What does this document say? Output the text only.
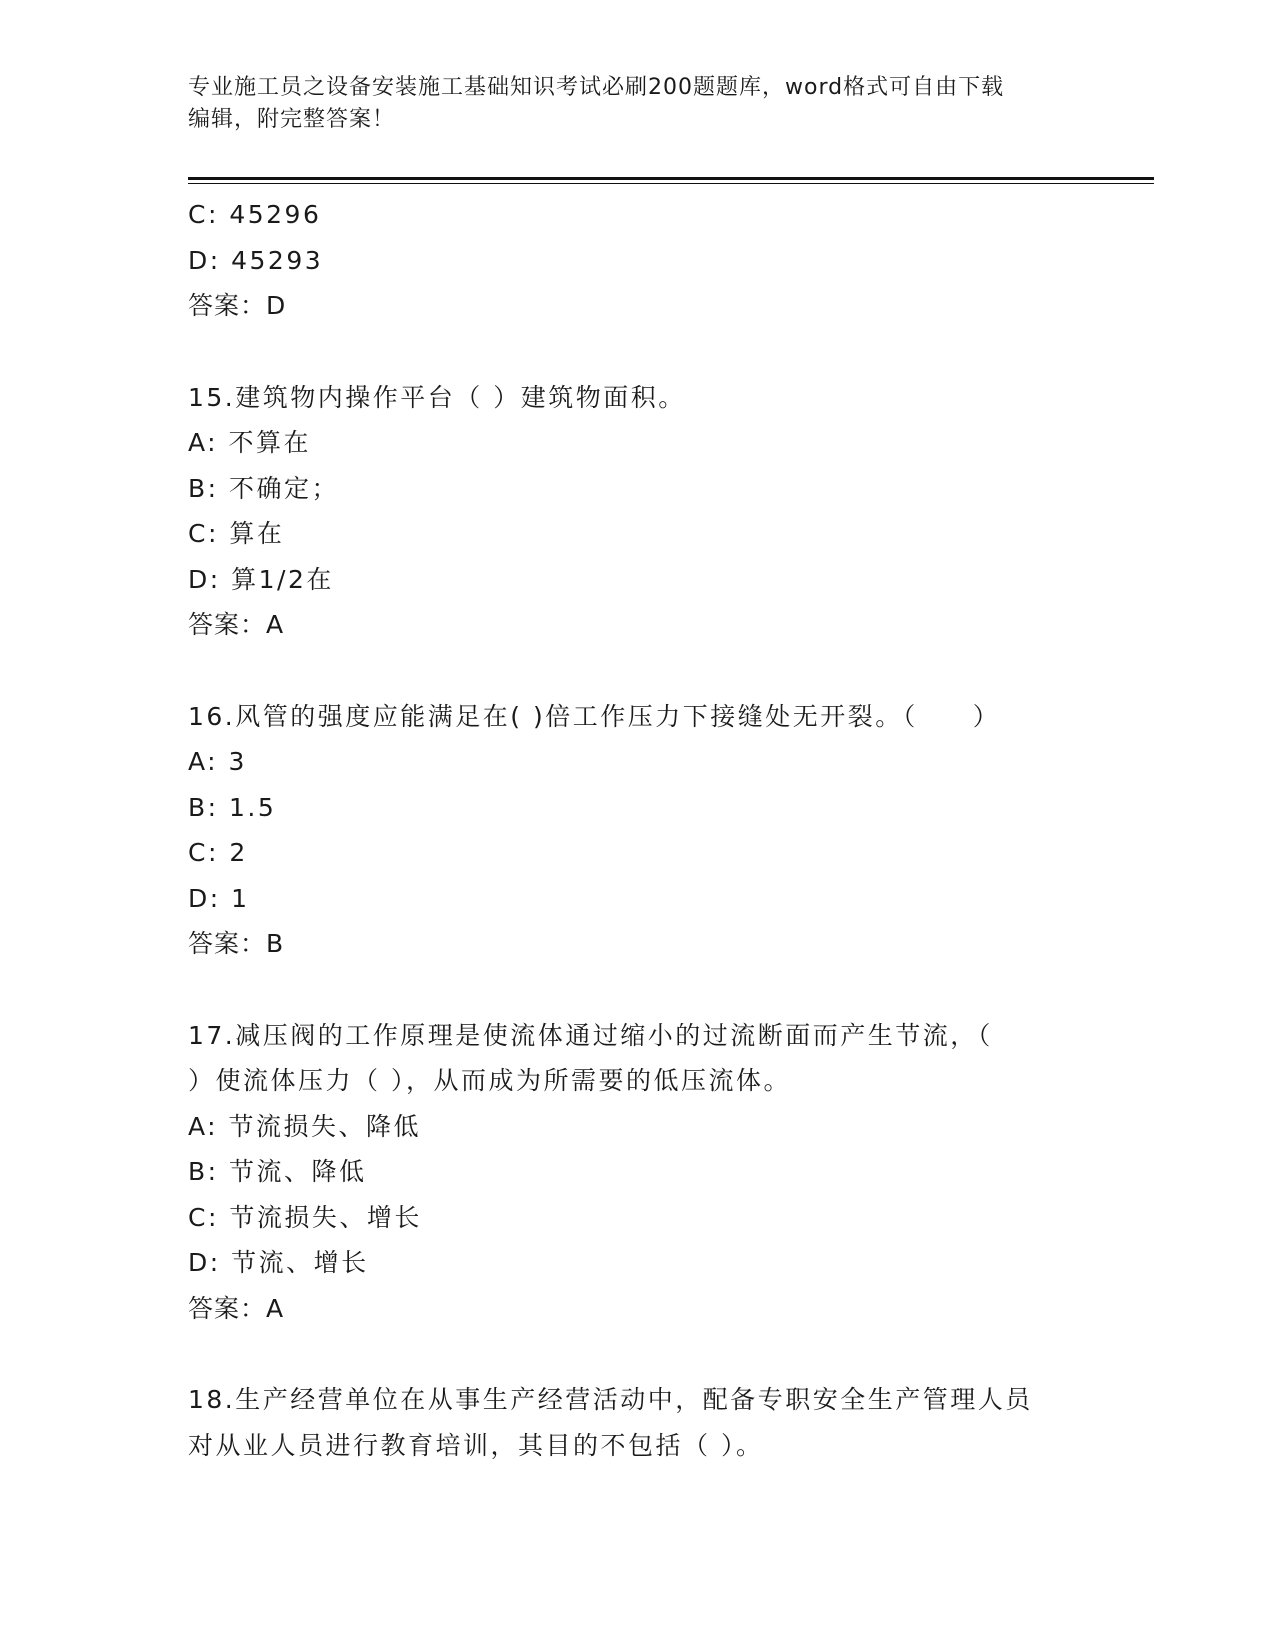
专业施工员之设备安装施工基础知识考试必刷200题题库，word格式可自由下载
编辑，附完整答案！
C: 45296
D: 45293
答案：D
15.建筑物内操作平台（ ）建筑物面积。
A: 不算在
B: 不确定；
C: 算在
D: 算1/2在
答案：A
16.风管的强度应能满足在( )倍工作压力下接缝处无开裂。（　　）
A: 3
B: 1.5
C: 2
D: 1
答案：B
17.减压阀的工作原理是使流体通过缩小的过流断面而产生节流，（
）使流体压力（ ），从而成为所需要的低压流体。
A: 节流损失、降低
B: 节流、降低
C: 节流损失、增长
D: 节流、增长
答案：A
18.生产经营单位在从事生产经营活动中，配备专职安全生产管理人员
对从业人员进行教育培训，其目的不包括（ ）。
